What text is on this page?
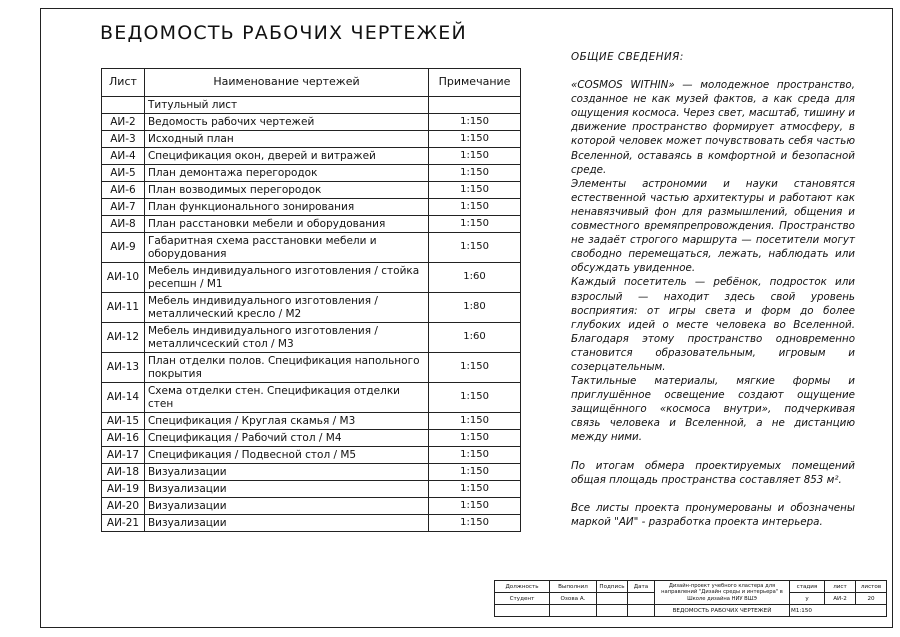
ВЕДОМОСТЬ РАБОЧИХ ЧЕРТЕЖЕЙ
Лист	Наименование чертежей	Примечание
	Титульный лист	
АИ-2	Ведомость рабочих чертежей	1:150
АИ-3	Исходный план	1:150
АИ-4	Спецификация окон, дверей и витражей	1:150
АИ-5	План демонтажа перегородок	1:150
АИ-6	План возводимых перегородок	1:150
АИ-7	План функционального зонирования	1:150
АИ-8	План расстановки мебели и оборудования	1:150
АИ-9	Габаритная схема расстановки мебели и оборудования	1:150
АИ-10	Мебель индивидуального изготовления / стойка ресепшн / М1	1:60
АИ-11	Мебель индивидуального изготовления / металлический кресло / М2	1:80
АИ-12	Мебель индивидуального изготовления / металличсеский стол / М3	1:60
АИ-13	План отделки полов. Спецификация напольного покрытия	1:150
АИ-14	Схема отделки стен. Спецификация отделки стен	1:150
АИ-15	Спецификация / Круглая скамья / М3	1:150
АИ-16	Спецификация / Рабочий стол / М4	1:150
АИ-17	Спецификация / Подвесной стол / М5	1:150
АИ-18	Визуализации	1:150
АИ-19	Визуализации	1:150
АИ-20	Визуализации	1:150
АИ-21	Визуализации	1:150
ОБЩИЕ СВЕДЕНИЯ:

«COSMOS WITHIN» — молодежное пространство, созданное не как музей фактов, а как среда для ощущения космоса. Через свет, масштаб, тишину и движение пространство формирует атмосферу, в которой человек может почувствовать себя частью Вселенной, оставаясь в комфортной и безопасной среде.

Элементы астрономии и науки становятся естественной частью архитектуры и работают как ненавязчивый фон для размышлений, общения и совместного времяпрепровождения. Пространство не задаёт строгого маршрута — посетители могут свободно перемещаться, лежать, наблюдать или обсуждать увиденное.

Каждый посетитель — ребёнок, подросток или взрослый — находит здесь свой уровень восприятия: от игры света и форм до более глубоких идей о месте человека во Вселенной. Благодаря этому пространство одновременно становится образовательным, игровым и созерцательным.

Тактильные материалы, мягкие формы и приглушённое освещение создают ощущение защищённого «космоса внутри», подчеркивая связь человека и Вселенной, а не дистанцию между ними.

По итогам обмера проектируемых помещений общая площадь пространства составляет 853 м².

Все листы проекта пронумерованы и обозначены маркой "АИ" - разработка проекта интерьера.

Должность	Выполнил	Подпись	Дата	Дизайн-проект учебного кластера для направлений "Дизайн среды и интерьера" в Школе дизайна НИУ ВШЭ	стадия	лист	листов
Студент	Озова А.				у	АИ-2	20
				ВЕДОМОСТЬ РАБОЧИХ ЧЕРТЕЖЕЙ	М1:150		
